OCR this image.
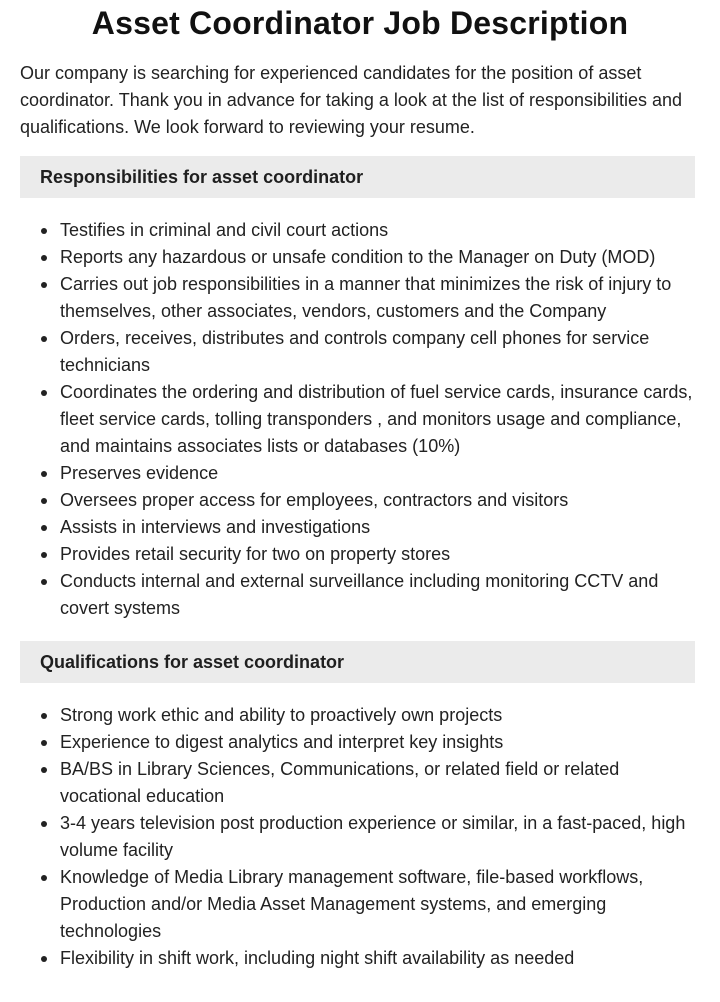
Asset Coordinator Job Description

Our company is searching for experienced candidates for the position of asset coordinator. Thank you in advance for taking a look at the list of responsibilities and qualifications. We look forward to reviewing your resume.

Responsibilities for asset coordinator
Testifies in criminal and civil court actions
Reports any hazardous or unsafe condition to the Manager on Duty (MOD)
Carries out job responsibilities in a manner that minimizes the risk of injury to themselves, other associates, vendors, customers and the Company
Orders, receives, distributes and controls company cell phones for service technicians
Coordinates the ordering and distribution of fuel service cards, insurance cards, fleet service cards, tolling transponders , and monitors usage and compliance, and maintains associates lists or databases (10%)
Preserves evidence
Oversees proper access for employees, contractors and visitors
Assists in interviews and investigations
Provides retail security for two on property stores
Conducts internal and external surveillance including monitoring CCTV and covert systems
Qualifications for asset coordinator
Strong work ethic and ability to proactively own projects
Experience to digest analytics and interpret key insights
BA/BS in Library Sciences, Communications, or related field or related vocational education
3-4 years television post production experience or similar, in a fast-paced, high volume facility
Knowledge of Media Library management software, file-based workflows, Production and/or Media Asset Management systems, and emerging technologies
Flexibility in shift work, including night shift availability as needed
